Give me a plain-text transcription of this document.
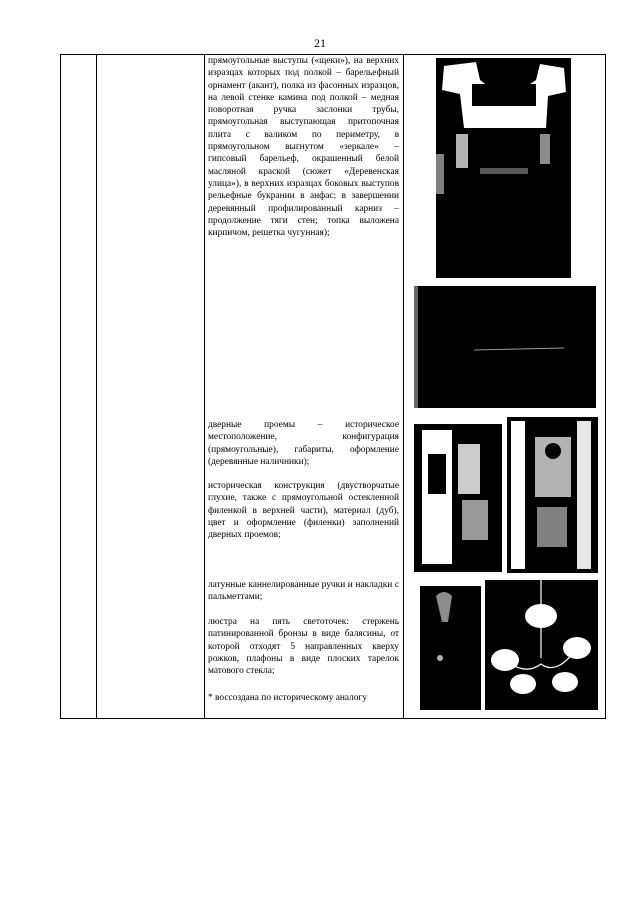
21
прямоугольные выступы («щеки»), на верхних изразцах которых под полкой – барельефный орнамент (акант), полка из фасонных изразцов, на левой стенке камина под полкой – медная поворотная ручка заслонки трубы, прямоугольная выступающая притопочная плита с валиком по периметру, в прямоугольном выгнутом «зеркале» – гипсовый барельеф, окрашенный белой масляной краской (сюжет «Деревенская улица»), в верхних изразцах боковых выступов рельефные букрании в анфас; в завершении деревянный профилированный карниз – продолжение тяги стен; топка выложена кирпичом, решетка чугунная);
дверные проемы – историческое местоположение, конфигурация (прямоугольные), габариты, оформление (деревянные наличники);
историческая конструкция (двустворчатые глухие, также с прямоугольной остекленной филенкой в верхней части), материал (дуб), цвет и оформление (филенки) заполнений дверных проемов;
латунные каннелированные ручки и накладки с пальметтами;
люстра на пять светоточек: стержень патинированной бронзы в виде балясины, от которой отходят 5 направленных кверху рожков, плафоны в виде плоских тарелок матового стекла;
* воссоздана по историческому аналогу
